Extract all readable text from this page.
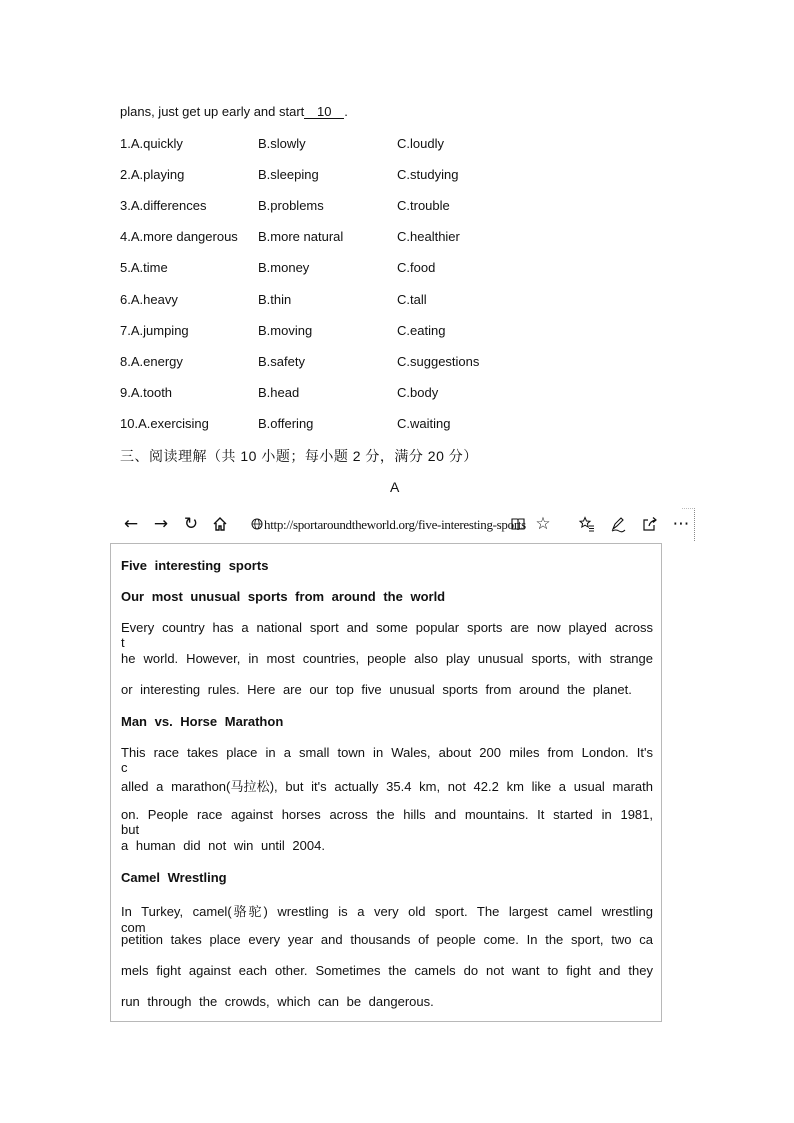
plans, just get up early and start 10 .
1.A.quickly	B.slowly	C.loudly
2.A.playing	B.sleeping	C.studying
3.A.differences	B.problems	C.trouble
4.A.more dangerous B.more natural	C.healthier
5.A.time	B.money	C.food
6.A.heavy	B.thin	C.tall
7.A.jumping	B.moving	C.eating
8.A.energy	B.safety	C.suggestions
9.A.tooth	B.head	C.body
10.A.exercising	B.offering	C.waiting
三、阅读理解（共 10 小题；每小题 2 分，满分 20 分）
A
← → ↻	http://sportaroundtheworld.org/five-interesting-sports ☆	⋯
Five interesting sports
Our most unusual sports from around the world
Every country has a national sport and some popular sports are now played across t
he world. However, in most countries, people also play unusual sports, with strange
or interesting rules. Here are our top five unusual sports from around the planet.
Man vs. Horse Marathon
This race takes place in a small town in Wales, about 200 miles from London. It's c
alled a marathon(马拉松), but it's actually 35.4 km, not 42.2 km like a usual marath
on. People race against horses across the hills and mountains. It started in 1981, but
a human did not win until 2004.
Camel Wrestling
In Turkey, camel(骆驼) wrestling is a very old sport. The largest camel wrestling com
petition takes place every year and thousands of people come. In the sport, two ca
mels fight against each other. Sometimes the camels do not want to fight and they
run through the crowds, which can be dangerous.
